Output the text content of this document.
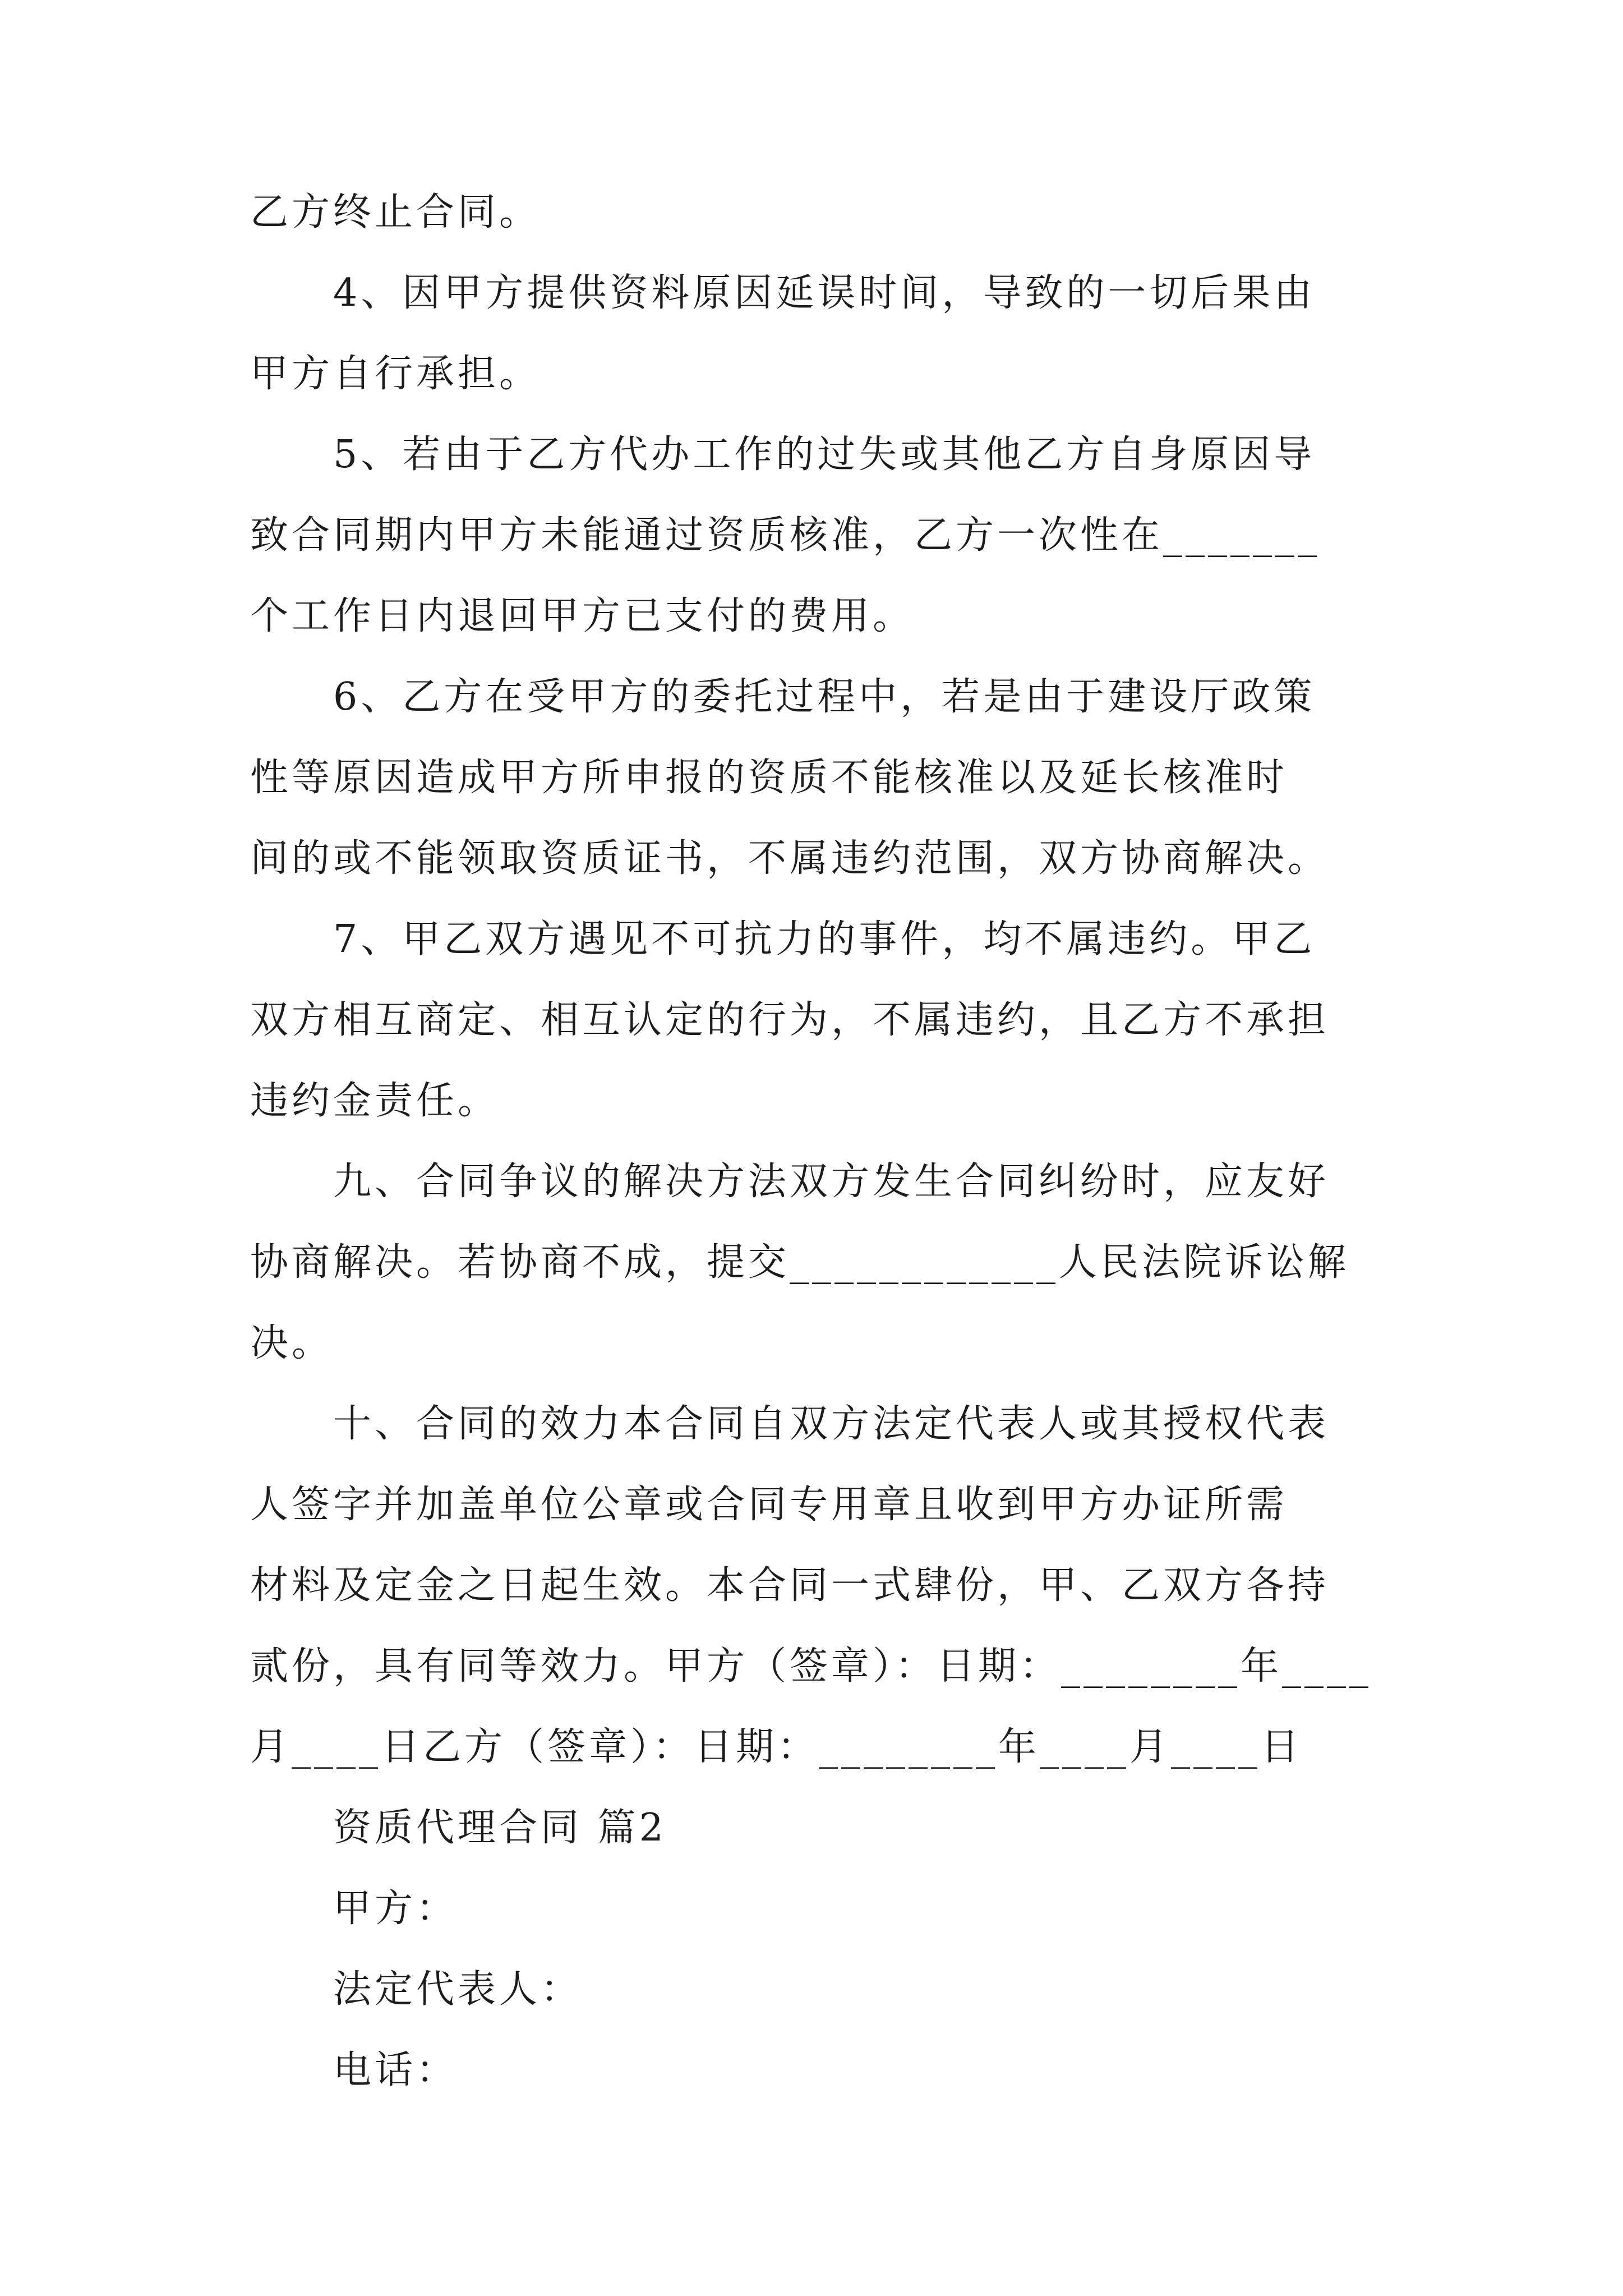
乙方终止合同。

4、因甲方提供资料原因延误时间，导致的一切后果由

甲方自行承担。

5、若由于乙方代办工作的过失或其他乙方自身原因导

致合同期内甲方未能通过资质核准，乙方一次性在_______

个工作日内退回甲方已支付的费用。

6、乙方在受甲方的委托过程中，若是由于建设厅政策

性等原因造成甲方所申报的资质不能核准以及延长核准时

间的或不能领取资质证书，不属违约范围，双方协商解决。

7、甲乙双方遇见不可抗力的事件，均不属违约。甲乙

双方相互商定、相互认定的行为，不属违约，且乙方不承担

违约金责任。

九、合同争议的解决方法双方发生合同纠纷时，应友好

协商解决。若协商不成，提交____________人民法院诉讼解

决。

十、合同的效力本合同自双方法定代表人或其授权代表

人签字并加盖单位公章或合同专用章且收到甲方办证所需

材料及定金之日起生效。本合同一式肆份，甲、乙双方各持

贰份，具有同等效力。甲方（签章）：日期：________年____

月____日乙方（签章）：日期：________年____月____日

资质代理合同 篇2

甲方：

法定代表人：

电话：
